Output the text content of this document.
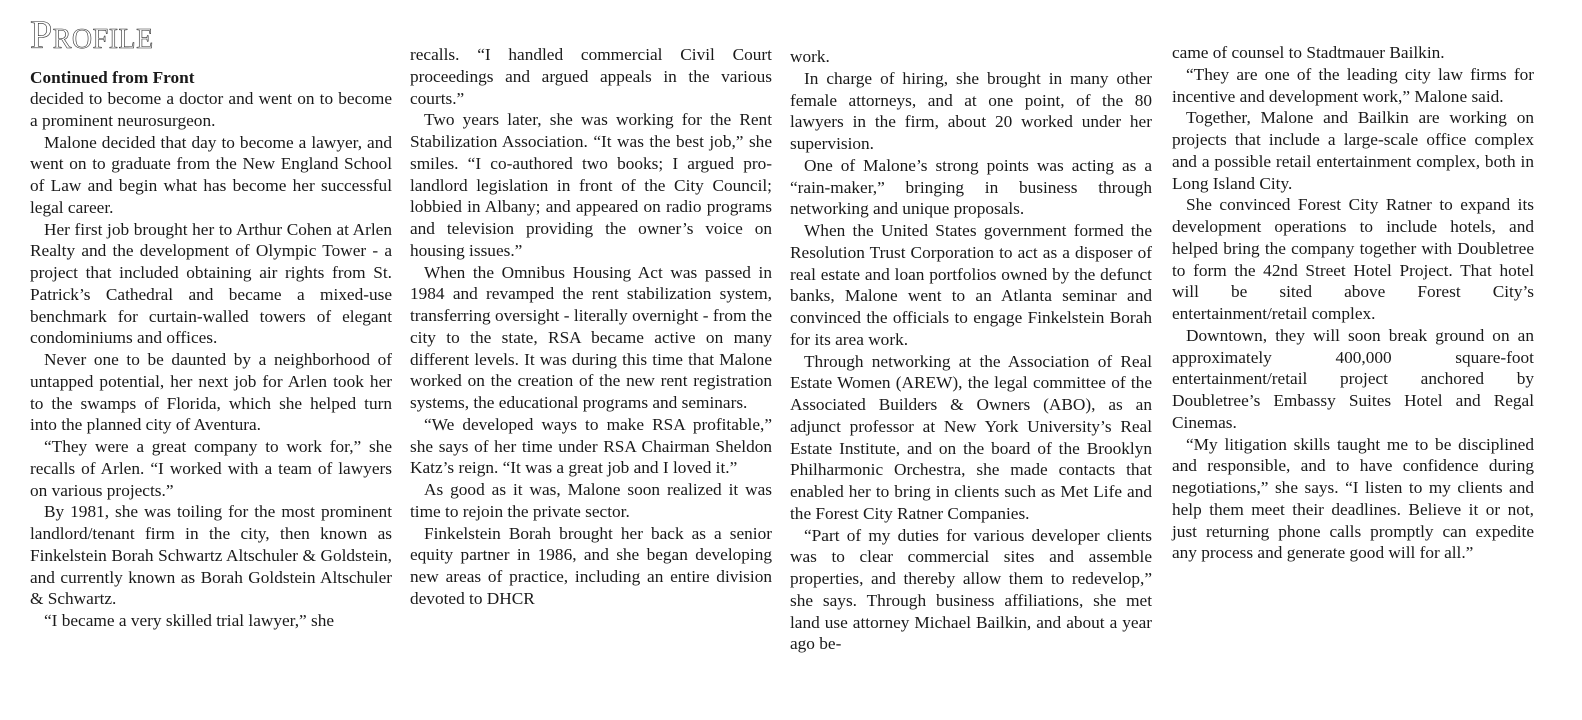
Profile
Continued from Front

decided to become a doctor and went on to become a prominent neurosurgeon.

Malone decided that day to become a lawyer, and went on to graduate from the New England School of Law and begin what has become her successful legal career.

Her first job brought her to Arthur Cohen at Arlen Realty and the development of Olympic Tower - a project that included obtaining air rights from St. Patrick’s Cathedral and became a mixed-use benchmark for curtain-walled towers of elegant condominiums and offices.

Never one to be daunted by a neighborhood of untapped potential, her next job for Arlen took her to the swamps of Florida, which she helped turn into the planned city of Aventura.

“They were a great company to work for,” she recalls of Arlen. “I worked with a team of lawyers on various projects.”

By 1981, she was toiling for the most prominent landlord/tenant firm in the city, then known as Finkelstein Borah Schwartz Altschuler & Goldstein, and currently known as Borah Goldstein Altschuler & Schwartz.

“I became a very skilled trial lawyer,” she

recalls. “I handled commercial Civil Court proceedings and argued appeals in the various courts.”

Two years later, she was working for the Rent Stabilization Association. “It was the best job,” she smiles. “I co-authored two books; I argued pro-landlord legislation in front of the City Council; lobbied in Albany; and appeared on radio programs and television providing the owner’s voice on housing issues.”

When the Omnibus Housing Act was passed in 1984 and revamped the rent stabilization system, transferring oversight - literally overnight - from the city to the state, RSA became active on many different levels. It was during this time that Malone worked on the creation of the new rent registration systems, the educational programs and seminars.

“We developed ways to make RSA profitable,” she says of her time under RSA Chairman Sheldon Katz’s reign. “It was a great job and I loved it.”

As good as it was, Malone soon realized it was time to rejoin the private sector.

Finkelstein Borah brought her back as a senior equity partner in 1986, and she began developing new areas of practice, including an entire division devoted to DHCR

work.

In charge of hiring, she brought in many other female attorneys, and at one point, of the 80 lawyers in the firm, about 20 worked under her supervision.

One of Malone’s strong points was acting as a “rain-maker,” bringing in business through networking and unique proposals.

When the United States government formed the Resolution Trust Corporation to act as a disposer of real estate and loan portfolios owned by the defunct banks, Malone went to an Atlanta seminar and convinced the officials to engage Finkelstein Borah for its area work.

Through networking at the Association of Real Estate Women (AREW), the legal committee of the Associated Builders & Owners (ABO), as an adjunct professor at New York University’s Real Estate Institute, and on the board of the Brooklyn Philharmonic Orchestra, she made contacts that enabled her to bring in clients such as Met Life and the Forest City Ratner Companies.

“Part of my duties for various developer clients was to clear commercial sites and assemble properties, and thereby allow them to redevelop,” she says. Through business affiliations, she met land use attorney Michael Bailkin, and about a year ago be-

came of counsel to Stadtmauer Bailkin.

“They are one of the leading city law firms for incentive and development work,” Malone said.

Together, Malone and Bailkin are working on projects that include a large-scale office complex and a possible retail entertainment complex, both in Long Island City.

She convinced Forest City Ratner to expand its development operations to include hotels, and helped bring the company together with Doubletree to form the 42nd Street Hotel Project. That hotel will be sited above Forest City’s entertainment/retail complex.

Downtown, they will soon break ground on an approximately 400,000 square-foot entertainment/retail project anchored by Doubletree’s Embassy Suites Hotel and Regal Cinemas.

“My litigation skills taught me to be disciplined and responsible, and to have confidence during negotiations,” she says. “I listen to my clients and help them meet their deadlines. Believe it or not, just returning phone calls promptly can expedite any process and generate good will for all.”
